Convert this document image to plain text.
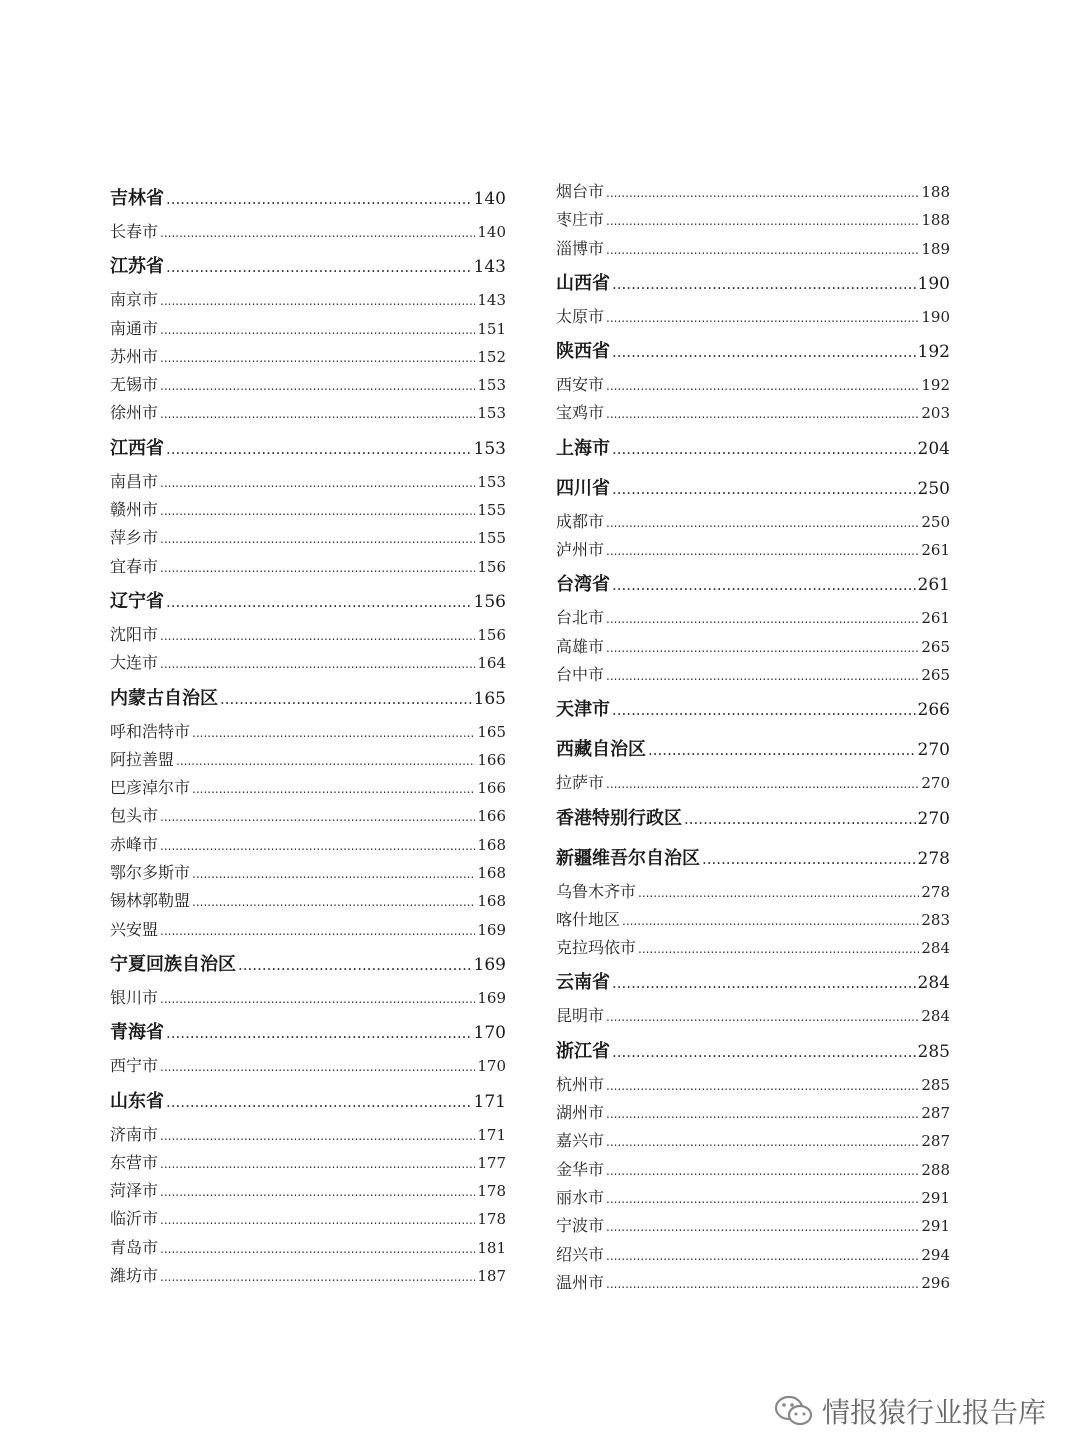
吉林省 .....	140
长春市 .....	140
江苏省 .....	143
南京市 .....	143
南通市 .....	151
苏州市 .....	152
无锡市 .....	153
徐州市 .....	153
江西省 .....	153
南昌市 .....	153
赣州市 .....	155
萍乡市 .....	155
宜春市 .....	156
辽宁省 .....	156
沈阳市 .....	156
大连市 .....	164
内蒙古自治区 .....	165
呼和浩特市 .....	165
阿拉善盟 .....	166
巴彦淖尔市 .....	166
包头市 .....	166
赤峰市 .....	168
鄂尔多斯市 .....	168
锡林郭勒盟 .....	168
兴安盟 .....	169
宁夏回族自治区 .....	169
银川市 .....	169
青海省 .....	170
西宁市 .....	170
山东省 .....	171
济南市 .....	171
东营市 .....	177
菏泽市 .....	178
临沂市 .....	178
青岛市 .....	181
潍坊市 .....	187
烟台市 .....	188
枣庄市 .....	188
淄博市 .....	189
山西省 .....	190
太原市 .....	190
陕西省 .....	192
西安市 .....	192
宝鸡市 .....	203
上海市 .....	204
四川省 .....	250
成都市 .....	250
泸州市 .....	261
台湾省 .....	261
台北市 .....	261
高雄市 .....	265
台中市 .....	265
天津市 .....	266
西藏自治区 .....	270
拉萨市 .....	270
香港特别行政区 .....	270
新疆维吾尔自治区 .....	278
乌鲁木齐市 .....	278
喀什地区 .....	283
克拉玛依市 .....	284
云南省 .....	284
昆明市 .....	284
浙江省 .....	285
杭州市 .....	285
湖州市 .....	287
嘉兴市 .....	287
金华市 .....	288
丽水市 .....	291
宁波市 .....	291
绍兴市 .....	294
温州市 .....	296
情报猿行业报告库
